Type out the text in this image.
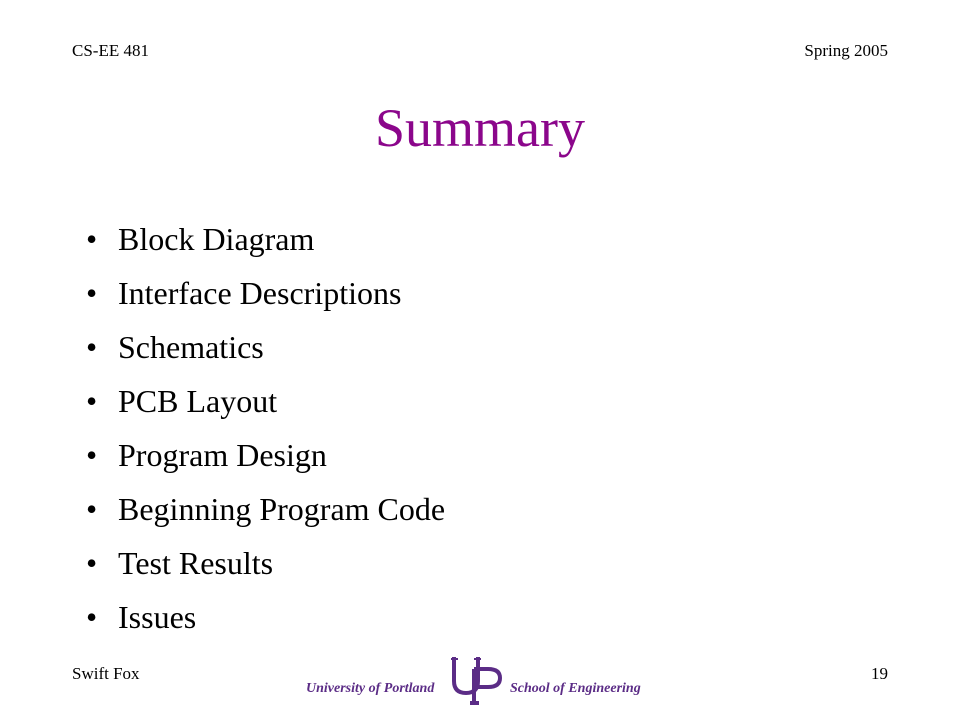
CS-EE 481	Spring 2005
Summary
• Block Diagram
• Interface Descriptions
• Schematics
• PCB Layout
• Program Design
• Beginning Program Code
• Test Results
• Issues
Swift Fox	19
University of Portland	School of Engineering
